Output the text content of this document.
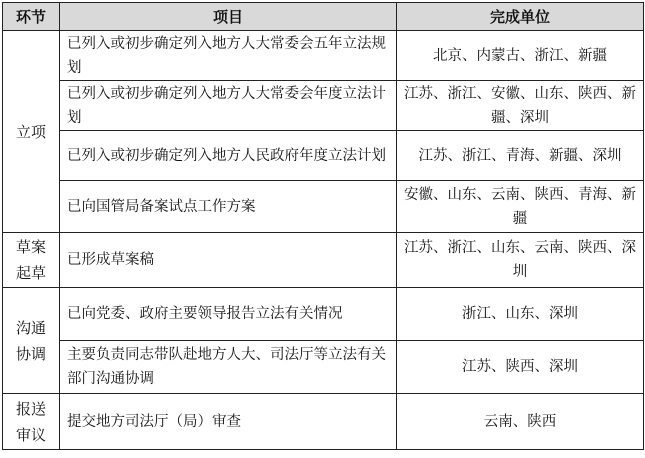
环节	项目	完成单位
立项	已列入或初步确定列入地方人大常委会五年立法规划	北京、内蒙古、浙江、新疆
	已列入或初步确定列入地方人大常委会年度立法计划	江苏、浙江、安徽、山东、陕西、新疆、深圳
	已列入或初步确定列入地方人民政府年度立法计划	江苏、浙江、青海、新疆、深圳
	已向国管局备案试点工作方案	安徽、山东、云南、陕西、青海、新疆

草案起草	已形成草案稿	江苏、浙江、山东、云南、陕西、深圳

沟通协调	已向党委、政府主要领导报告立法有关情况	浙江、山东、深圳
	主要负责同志带队赴地方人大、司法厅等立法有关部门沟通协调	江苏、陕西、深圳

报送审议	提交地方司法厅（局）审查	云南、陕西
